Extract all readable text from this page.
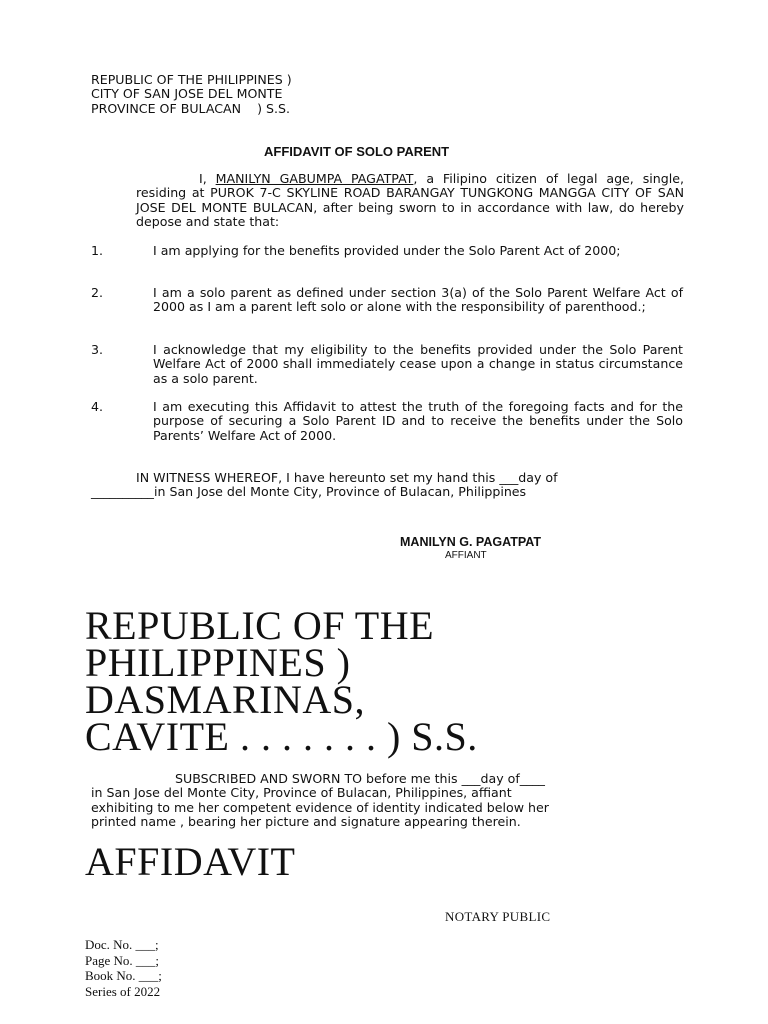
REPUBLIC OF THE PHILIPPINES )
CITY OF SAN JOSE DEL MONTE
PROVINCE OF BULACAN    ) S.S.
AFFIDAVIT OF SOLO PARENT
I, MANILYN GABUMPA PAGATPAT, a Filipino citizen of legal age, single, residing at PUROK 7-C SKYLINE ROAD BARANGAY TUNGKONG MANGGA CITY OF SAN JOSE DEL MONTE BULACAN, after being sworn to in accordance with law, do hereby depose and state that:
1.	I am applying for the benefits provided under the Solo Parent Act of 2000;
2.	I am a solo parent as defined under section 3(a) of the Solo Parent Welfare Act of 2000 as I am a parent left solo or alone with the responsibility of parenthood.;
3.	I acknowledge that my eligibility to the benefits provided under the Solo Parent Welfare Act of 2000 shall immediately cease upon a change in status circumstance as a solo parent.
4.	I am executing this Affidavit to attest the truth of the foregoing facts and for the purpose of securing a Solo Parent ID and to receive the benefits under the Solo Parents’ Welfare Act of 2000.
IN WITNESS WHEREOF, I have hereunto set my hand this ___day of
__________in San Jose del Monte City, Province of Bulacan, Philippines
MANILYN G. PAGATPAT
AFFIANT
REPUBLIC OF THE
PHILIPPINES )
DASMARINAS,
CAVITE . . . . . . . ) S.S.
SUBSCRIBED AND SWORN TO before me this ___day of____
in San Jose del Monte City, Province of Bulacan, Philippines, affiant
exhibiting to me her competent evidence of identity indicated below her
printed name , bearing her picture and signature appearing therein.
AFFIDAVIT
NOTARY PUBLIC
Doc. No. ___;
Page No. ___;
Book No. ___;
Series of 2022
